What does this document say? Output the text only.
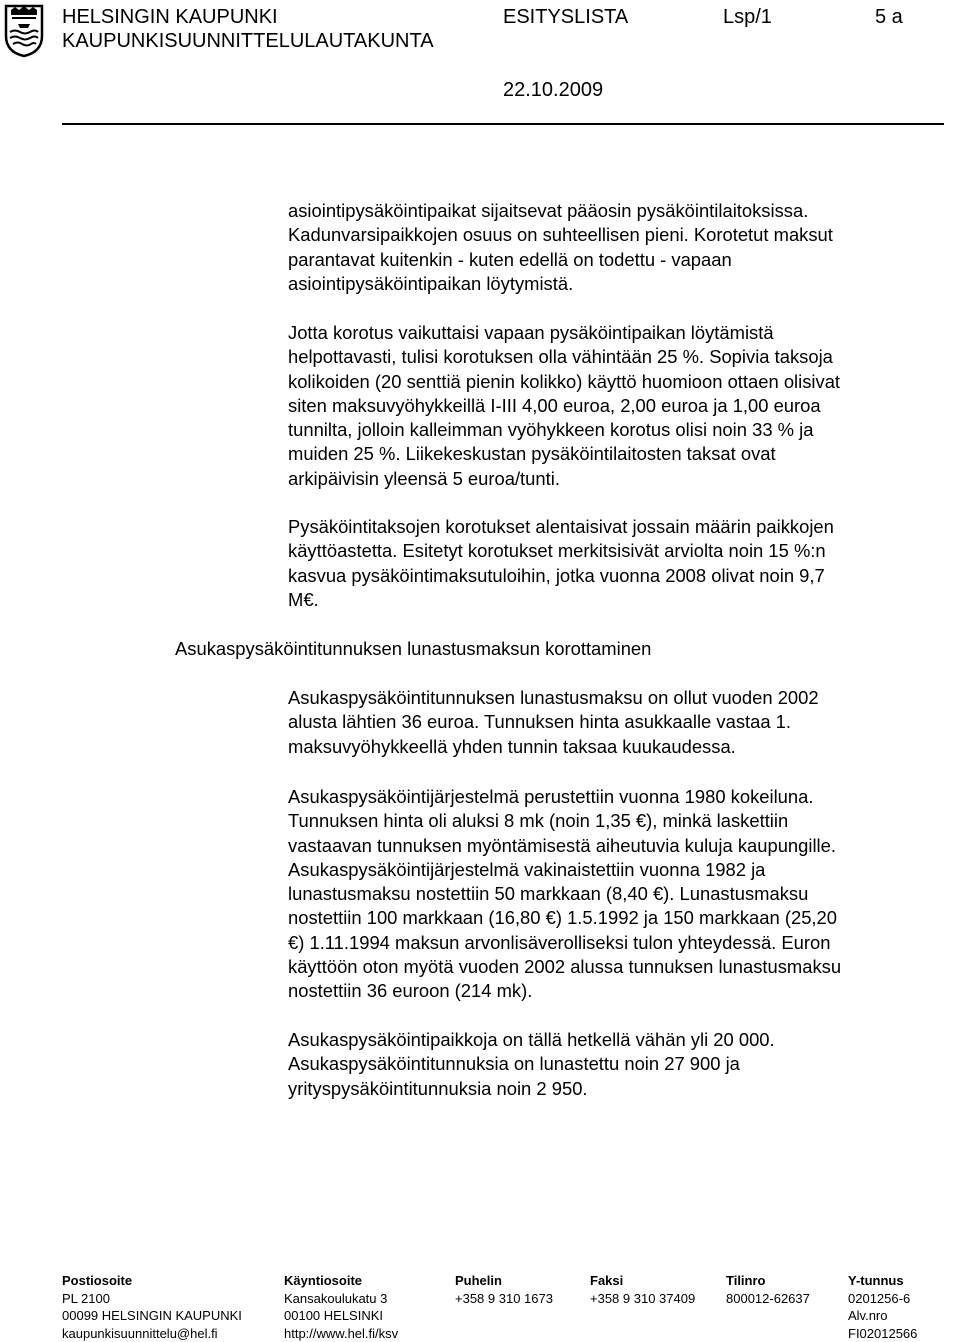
HELSINGIN KAUPUNKI
KAUPUNKISUUNNITTELULAUTAKUNTA
ESITYSLISTA	Lsp/1	5 a
22.10.2009

asiointipysäköintipaikat sijaitsevat pääosin pysäköintilaitoksissa.
Kadunvarsipaikkojen osuus on suhteellisen pieni. Korotetut maksut
parantavat kuitenkin - kuten edellä on todettu - vapaan
asiointipysäköintipaikan löytymistä.

Jotta korotus vaikuttaisi vapaan pysäköintipaikan löytämistä
helpottavasti, tulisi korotuksen olla vähintään 25 %. Sopivia taksoja
kolikoiden (20 senttiä pienin kolikko) käyttö huomioon ottaen olisivat
siten maksuvyöhykkeillä I-III 4,00 euroa, 2,00 euroa ja 1,00 euroa
tunnilta, jolloin kalleimman vyöhykkeen korotus olisi noin 33 % ja
muiden 25 %. Liikekeskustan pysäköintilaitosten taksat ovat
arkipäivisin yleensä 5 euroa/tunti.

Pysäköintitaksojen korotukset alentaisivat jossain määrin paikkojen
käyttöastetta. Esitetyt korotukset merkitsisivät arviolta noin 15 %:n
kasvua pysäköintimaksutuloihin, jotka vuonna 2008 olivat noin 9,7
M€.

Asukaspysäköintitunnuksen lunastusmaksun korottaminen

Asukaspysäköintitunnuksen lunastusmaksu on ollut vuoden 2002
alusta lähtien 36 euroa. Tunnuksen hinta asukkaalle vastaa 1.
maksuvyöhykkeellä yhden tunnin taksaa kuukaudessa.

Asukaspysäköintijärjestelmä perustettiin vuonna 1980 kokeiluna.
Tunnuksen hinta oli aluksi 8 mk (noin 1,35 €), minkä laskettiin
vastaavan tunnuksen myöntämisestä aiheutuvia kuluja kaupungille.
Asukaspysäköintijärjestelmä vakinaistettiin vuonna 1982 ja
lunastusmaksu nostettiin 50 markkaan (8,40 €). Lunastusmaksu
nostettiin 100 markkaan (16,80 €) 1.5.1992 ja 150 markkaan (25,20
€) 1.11.1994 maksun arvonlisäverolliseksi tulon yhteydessä. Euron
käyttöön oton myötä vuoden 2002 alussa tunnuksen lunastusmaksu
nostettiin 36 euroon (214 mk).

Asukaspysäköintipaikkoja on tällä hetkellä vähän yli 20 000.
Asukaspysäköintitunnuksia on lunastettu noin 27 900 ja
yrityspysäköintitunnuksia noin 2 950.

Postiosoite
PL 2100
00099 HELSINGIN KAUPUNKI
kaupunkisuunnittelu@hel.fi
Käyntiosoite
Kansakoulukatu 3
00100 HELSINKI
http://www.hel.fi/ksv
Puhelin
+358 9 310 1673
Faksi
+358 9 310 37409
Tilinro
800012-62637
Y-tunnus
0201256-6
Alv.nro
FI02012566
